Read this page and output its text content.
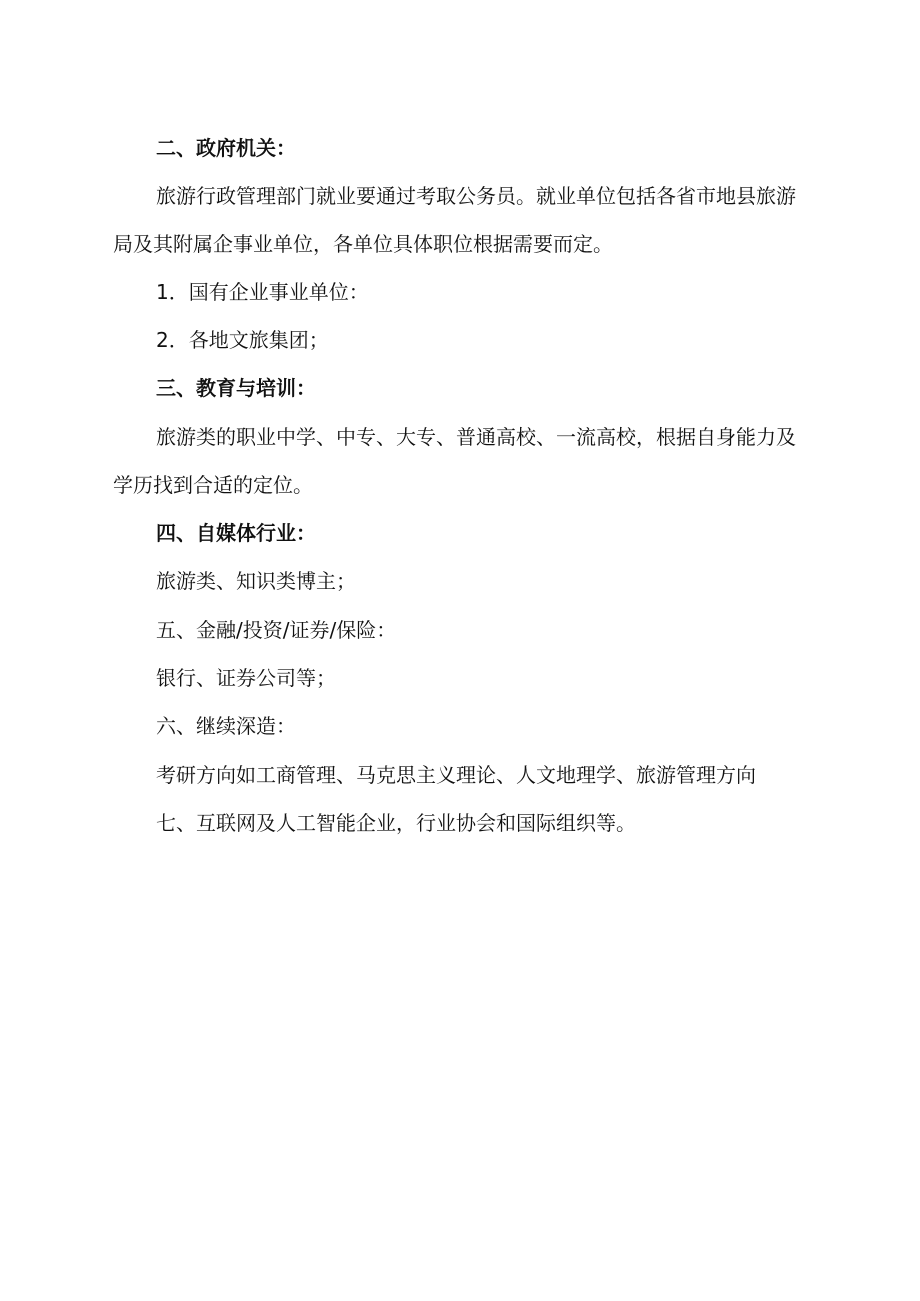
二、政府机关：
旅游行政管理部门就业要通过考取公务员。就业单位包括各省市地县旅游
局及其附属企事业单位，各单位具体职位根据需要而定。
1．国有企业事业单位：
2．各地文旅集团；
三、教育与培训：
旅游类的职业中学、中专、大专、普通高校、一流高校，根据自身能力及
学历找到合适的定位。
四、自媒体行业：
旅游类、知识类博主；
五、金融/投资/证券/保险：
银行、证券公司等；
六、继续深造：
考研方向如工商管理、马克思主义理论、人文地理学、旅游管理方向
七、互联网及人工智能企业，行业协会和国际组织等。
